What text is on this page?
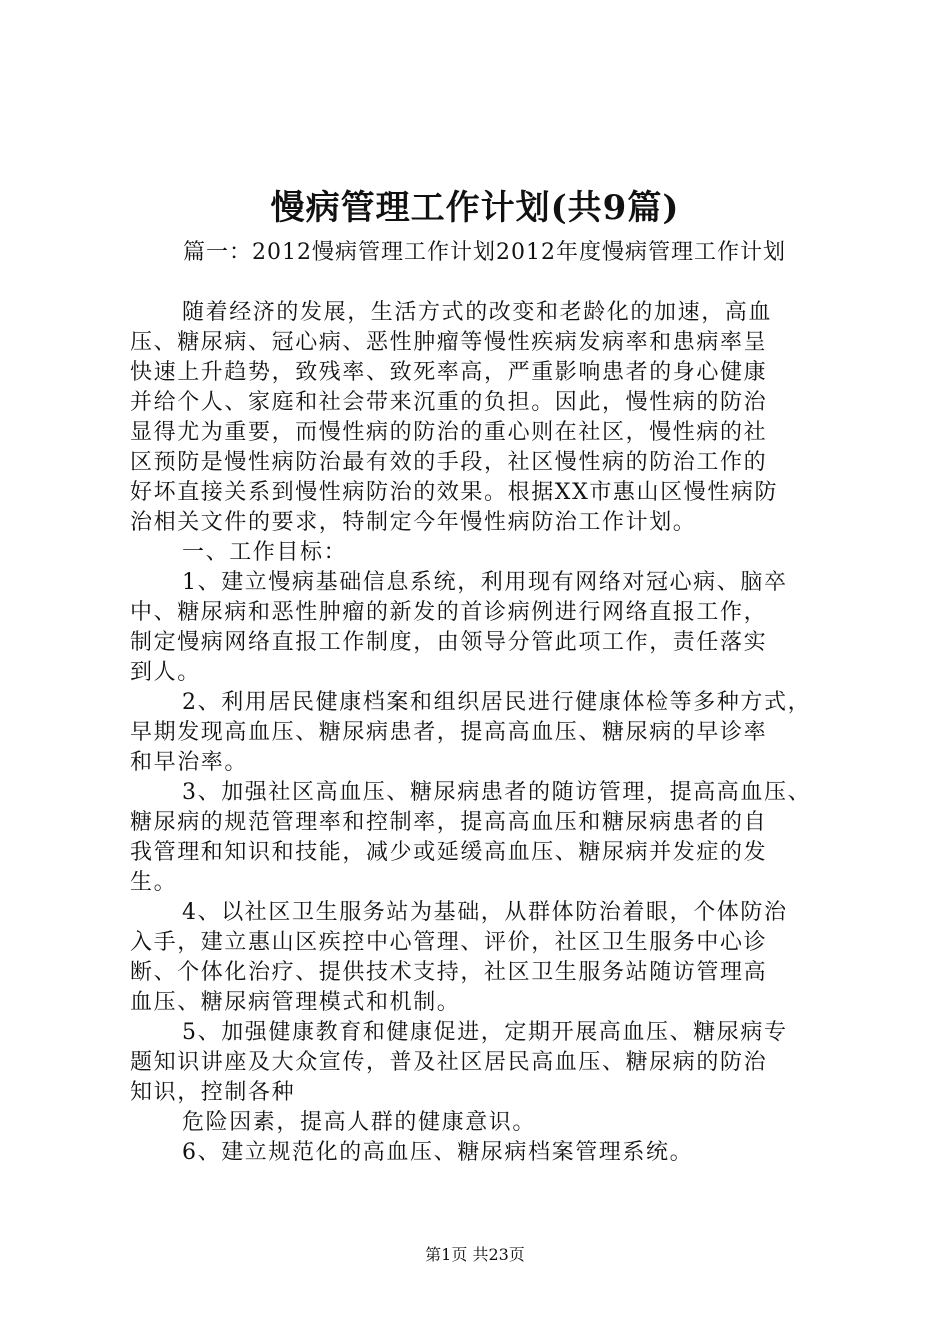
慢病管理工作计划(共9篇)
篇一：2012慢病管理工作计划2012年度慢病管理工作计划
随着经济的发展，生活方式的改变和老龄化的加速，高血
压、糖尿病、冠心病、恶性肿瘤等慢性疾病发病率和患病率呈
快速上升趋势，致残率、致死率高，严重影响患者的身心健康
并给个人、家庭和社会带来沉重的负担。因此，慢性病的防治
显得尤为重要，而慢性病的防治的重心则在社区，慢性病的社
区预防是慢性病防治最有效的手段，社区慢性病的防治工作的
好坏直接关系到慢性病防治的效果。根据XX市惠山区慢性病防
治相关文件的要求，特制定今年慢性病防治工作计划。
一、工作目标：
1、建立慢病基础信息系统，利用现有网络对冠心病、脑卒
中、糖尿病和恶性肿瘤的新发的首诊病例进行网络直报工作，
制定慢病网络直报工作制度，由领导分管此项工作，责任落实
到人。
2、利用居民健康档案和组织居民进行健康体检等多种方式，
早期发现高血压、糖尿病患者，提高高血压、糖尿病的早诊率
和早治率。
3、加强社区高血压、糖尿病患者的随访管理，提高高血压、
糖尿病的规范管理率和控制率，提高高血压和糖尿病患者的自
我管理和知识和技能，减少或延缓高血压、糖尿病并发症的发
生。
4、以社区卫生服务站为基础，从群体防治着眼，个体防治
入手，建立惠山区疾控中心管理、评价，社区卫生服务中心诊
断、个体化治疗、提供技术支持，社区卫生服务站随访管理高
血压、糖尿病管理模式和机制。
5、加强健康教育和健康促进，定期开展高血压、糖尿病专
题知识讲座及大众宣传，普及社区居民高血压、糖尿病的防治
知识，控制各种
危险因素，提高人群的健康意识。
6、建立规范化的高血压、糖尿病档案管理系统。
第1页 共23页
